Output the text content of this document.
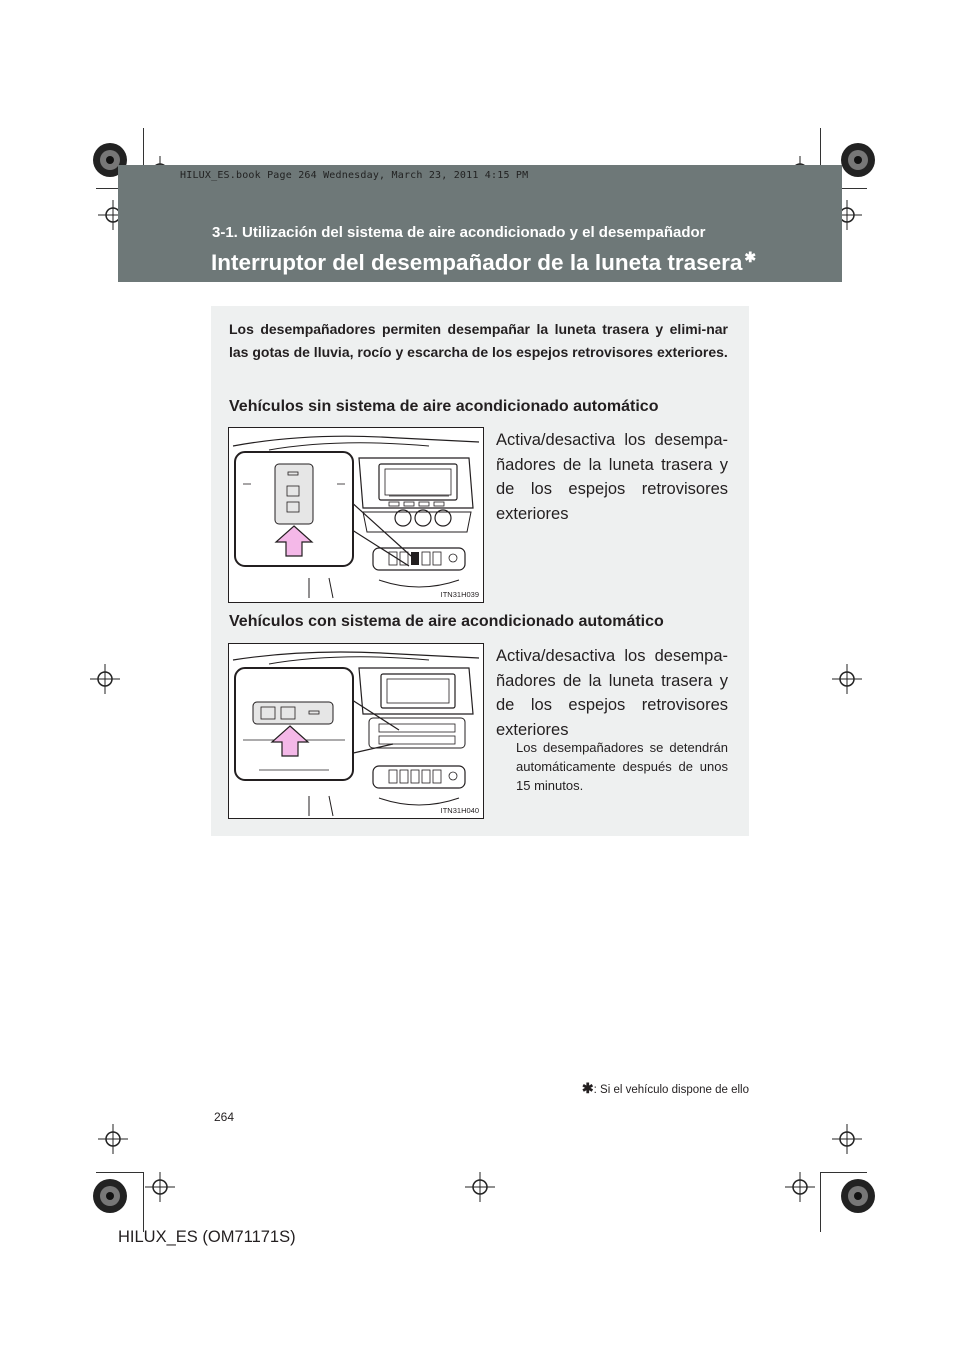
HILUX_ES.book Page 264 Wednesday, March 23, 2011 4:15 PM
3-1. Utilización del sistema de aire acondicionado y el desempañador
Interruptor del desempañador de la luneta trasera ✱
Los desempañadores permiten desempañar la luneta trasera y elimi-nar las gotas de lluvia, rocío y escarcha de los espejos retrovisores exteriores.
Vehículos sin sistema de aire acondicionado automático
ITN31H039
Activa/desactiva los desempa-ñadores de la luneta trasera y de los espejos retrovisores exteriores
Vehículos con sistema de aire acondicionado automático
ITN31H040
Activa/desactiva los desempa-ñadores de la luneta trasera y de los espejos retrovisores exteriores
Los desempañadores se detendrán automáticamente después de unos 15 minutos.
✱: Si el vehículo dispone de ello
264
HILUX_ES (OM71171S)
